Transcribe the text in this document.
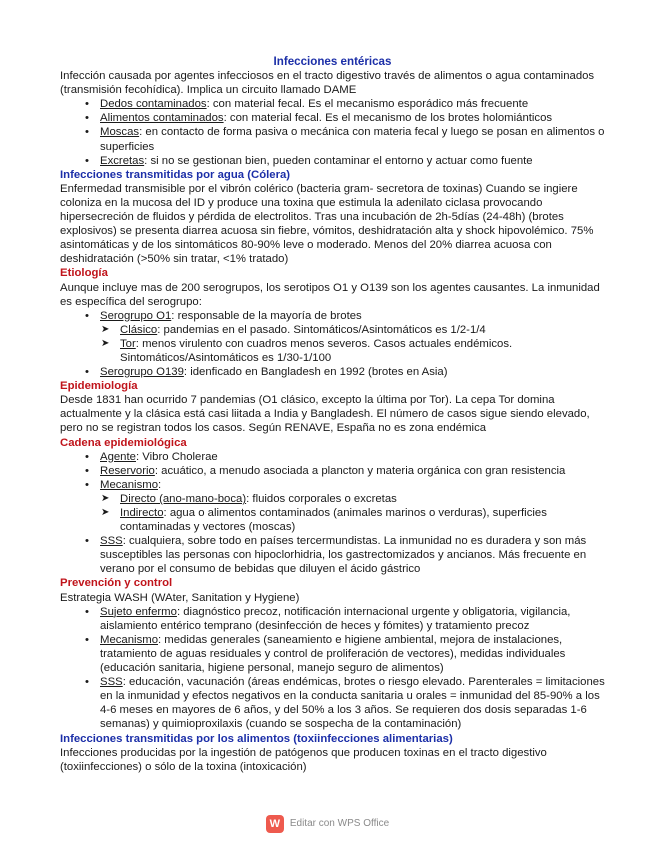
Infecciones entéricas

Infección causada por agentes infecciosos en el tracto digestivo través de alimentos o agua contaminados (transmisión fecohídica). Implica un circuito llamado DAME

• Dedos contaminados: con material fecal. Es el mecanismo esporádico más frecuente
• Alimentos contaminados: con material fecal. Es el mecanismo de los brotes holomiánticos
• Moscas: en contacto de forma pasiva o mecánica con materia fecal y luego se posan en alimentos o superficies
• Excretas: si no se gestionan bien, pueden contaminar el entorno y actuar como fuente

Infecciones transmitidas por agua (Cólera)

Enfermedad transmisible por el vibrón colérico (bacteria gram- secretora de toxinas) Cuando se ingiere coloniza en la mucosa del ID y produce una toxina que estimula la adenilato ciclasa provocando hipersecreción de fluidos y pérdida de electrolitos. Tras una incubación de 2h-5días (24-48h) (brotes explosivos) se presenta diarrea acuosa sin fiebre, vómitos, deshidratación alta y shock hipovolémico. 75% asintomáticas y de los sintomáticos 80-90% leve o moderado. Menos del 20% diarrea acuosa con deshidratación (>50% sin tratar, <1% tratado)

Etiología

Aunque incluye mas de 200 serogrupos, los serotipos O1 y O139 son los agentes causantes. La inmunidad es específica del serogrupo:

• Serogrupo O1: responsable de la mayoría de brotes
➤ Clásico: pandemias en el pasado. Sintomáticos/Asintomáticos es 1/2-1/4
➤ Tor: menos virulento con cuadros menos severos. Casos actuales endémicos. Sintomáticos/Asintomáticos es 1/30-1/100
• Serogrupo O139: idenficado en Bangladesh en 1992 (brotes en Asia)

Epidemiología

Desde 1831 han ocurrido 7 pandemias (O1 clásico, excepto la última por Tor). La cepa Tor domina actualmente y la clásica está casi liitada a India y Bangladesh. El número de casos sigue siendo elevado, pero no se registran todos los casos. Según RENAVE, España no es zona endémica

Cadena epidemiológica

• Agente: Vibro Cholerae
• Reservorio: acuático, a menudo asociada a plancton y materia orgánica con gran resistencia
• Mecanismo:
➤ Directo (ano-mano-boca): fluidos corporales o excretas
➤ Indirecto: agua o alimentos contaminados (animales marinos o verduras), superficies contaminadas y vectores (moscas)
• SSS: cualquiera, sobre todo en países tercermundistas. La inmunidad no es duradera y son más susceptibles las personas con hipoclorhidria, los gastrectomizados y ancianos. Más frecuente en verano por el consumo de bebidas que diluyen el ácido gástrico

Prevención y control

Estrategia WASH (WAter, Sanitation y Hygiene)

• Sujeto enfermo: diagnóstico precoz, notificación internacional urgente y obligatoria, vigilancia, aislamiento entérico temprano (desinfección de heces y fómites) y tratamiento precoz
• Mecanismo: medidas generales (saneamiento e higiene ambiental, mejora de instalaciones, tratamiento de aguas residuales y control de proliferación de vectores), medidas individuales (educación sanitaria, higiene personal, manejo seguro de alimentos)
• SSS: educación, vacunación (áreas endémicas, brotes o riesgo elevado. Parenterales = limitaciones en la inmunidad y efectos negativos en la conducta sanitaria u orales = inmunidad del 85-90% a los 4-6 meses en mayores de 6 años, y del 50% a los 3 años. Se requieren dos dosis separadas 1-6 semanas) y quimioproxilaxis (cuando se sospecha de la contaminación)

Infecciones transmitidas por los alimentos (toxiinfecciones alimentarias)

Infecciones producidas por la ingestión de patógenos que producen toxinas en el tracto digestivo (toxiinfecciones) o sólo de la toxina (intoxicación)

W Editar con WPS Office
